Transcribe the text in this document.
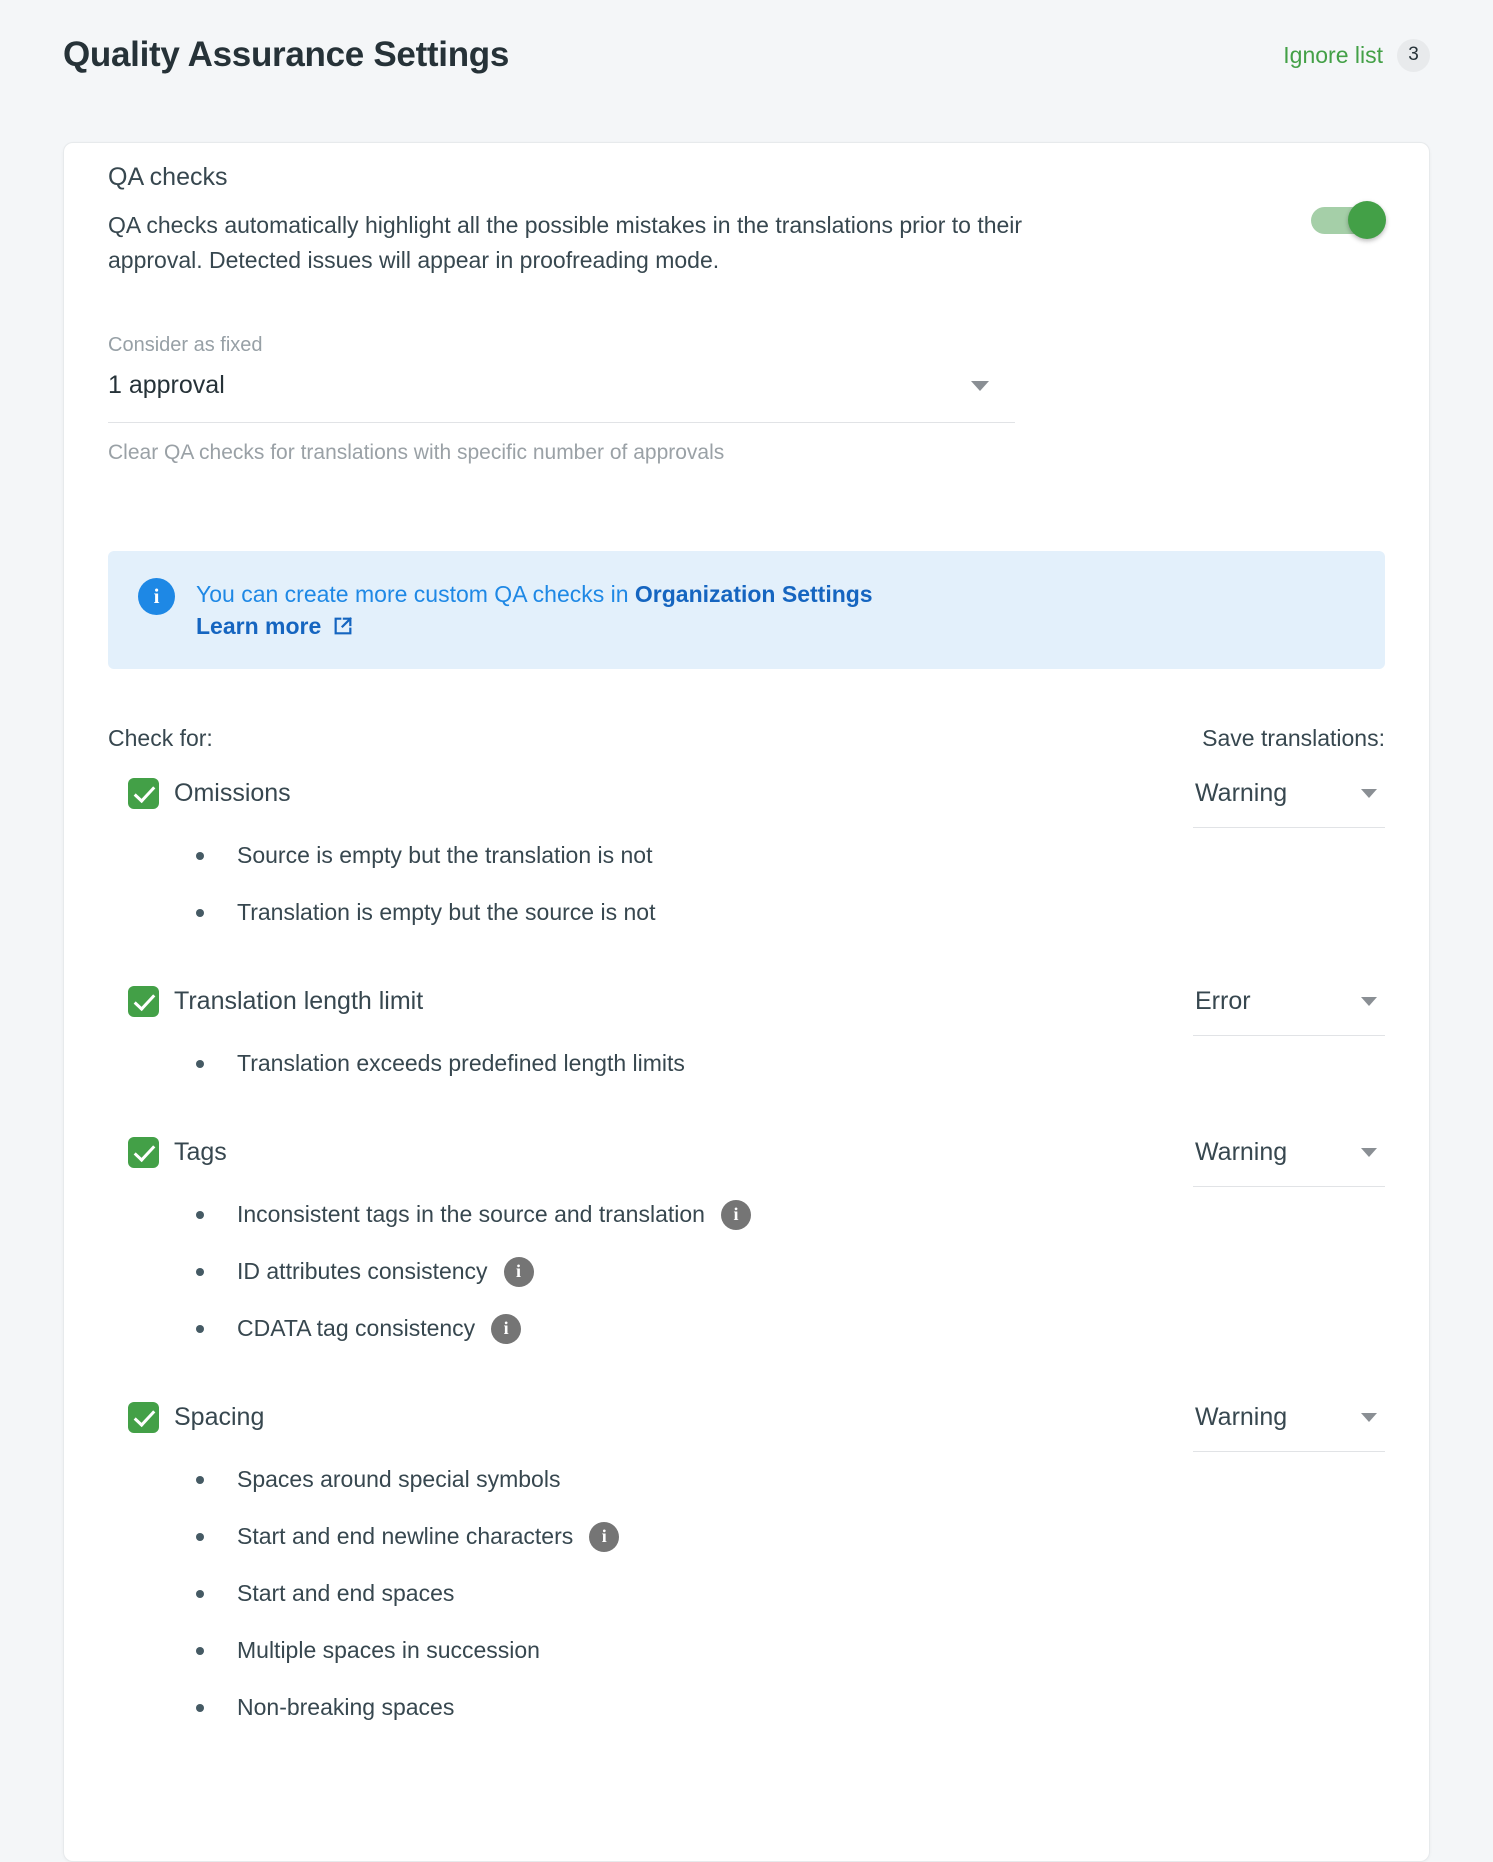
Quality Assurance Settings	Ignore list	3
QA checks

QA checks automatically highlight all the possible mistakes in the translations prior to their approval. Detected issues will appear in proofreading mode.

Consider as fixed
1 approval

Clear QA checks for translations with specific number of approvals

i
You can create more custom QA checks in Organization Settings

Learn more
Check for:	Save translations:
Omissions	Warning
Source is empty but the translation is not
Translation is empty but the source is not
Translation length limit	Error
Translation exceeds predefined length limits
Tags	Warning
Inconsistent tags in the source and translation
i
ID attributes consistency
i
CDATA tag consistency
i
Spacing	Warning
Spaces around special symbols
Start and end newline characters
i
Start and end spaces
Multiple spaces in succession
Non-breaking spaces
